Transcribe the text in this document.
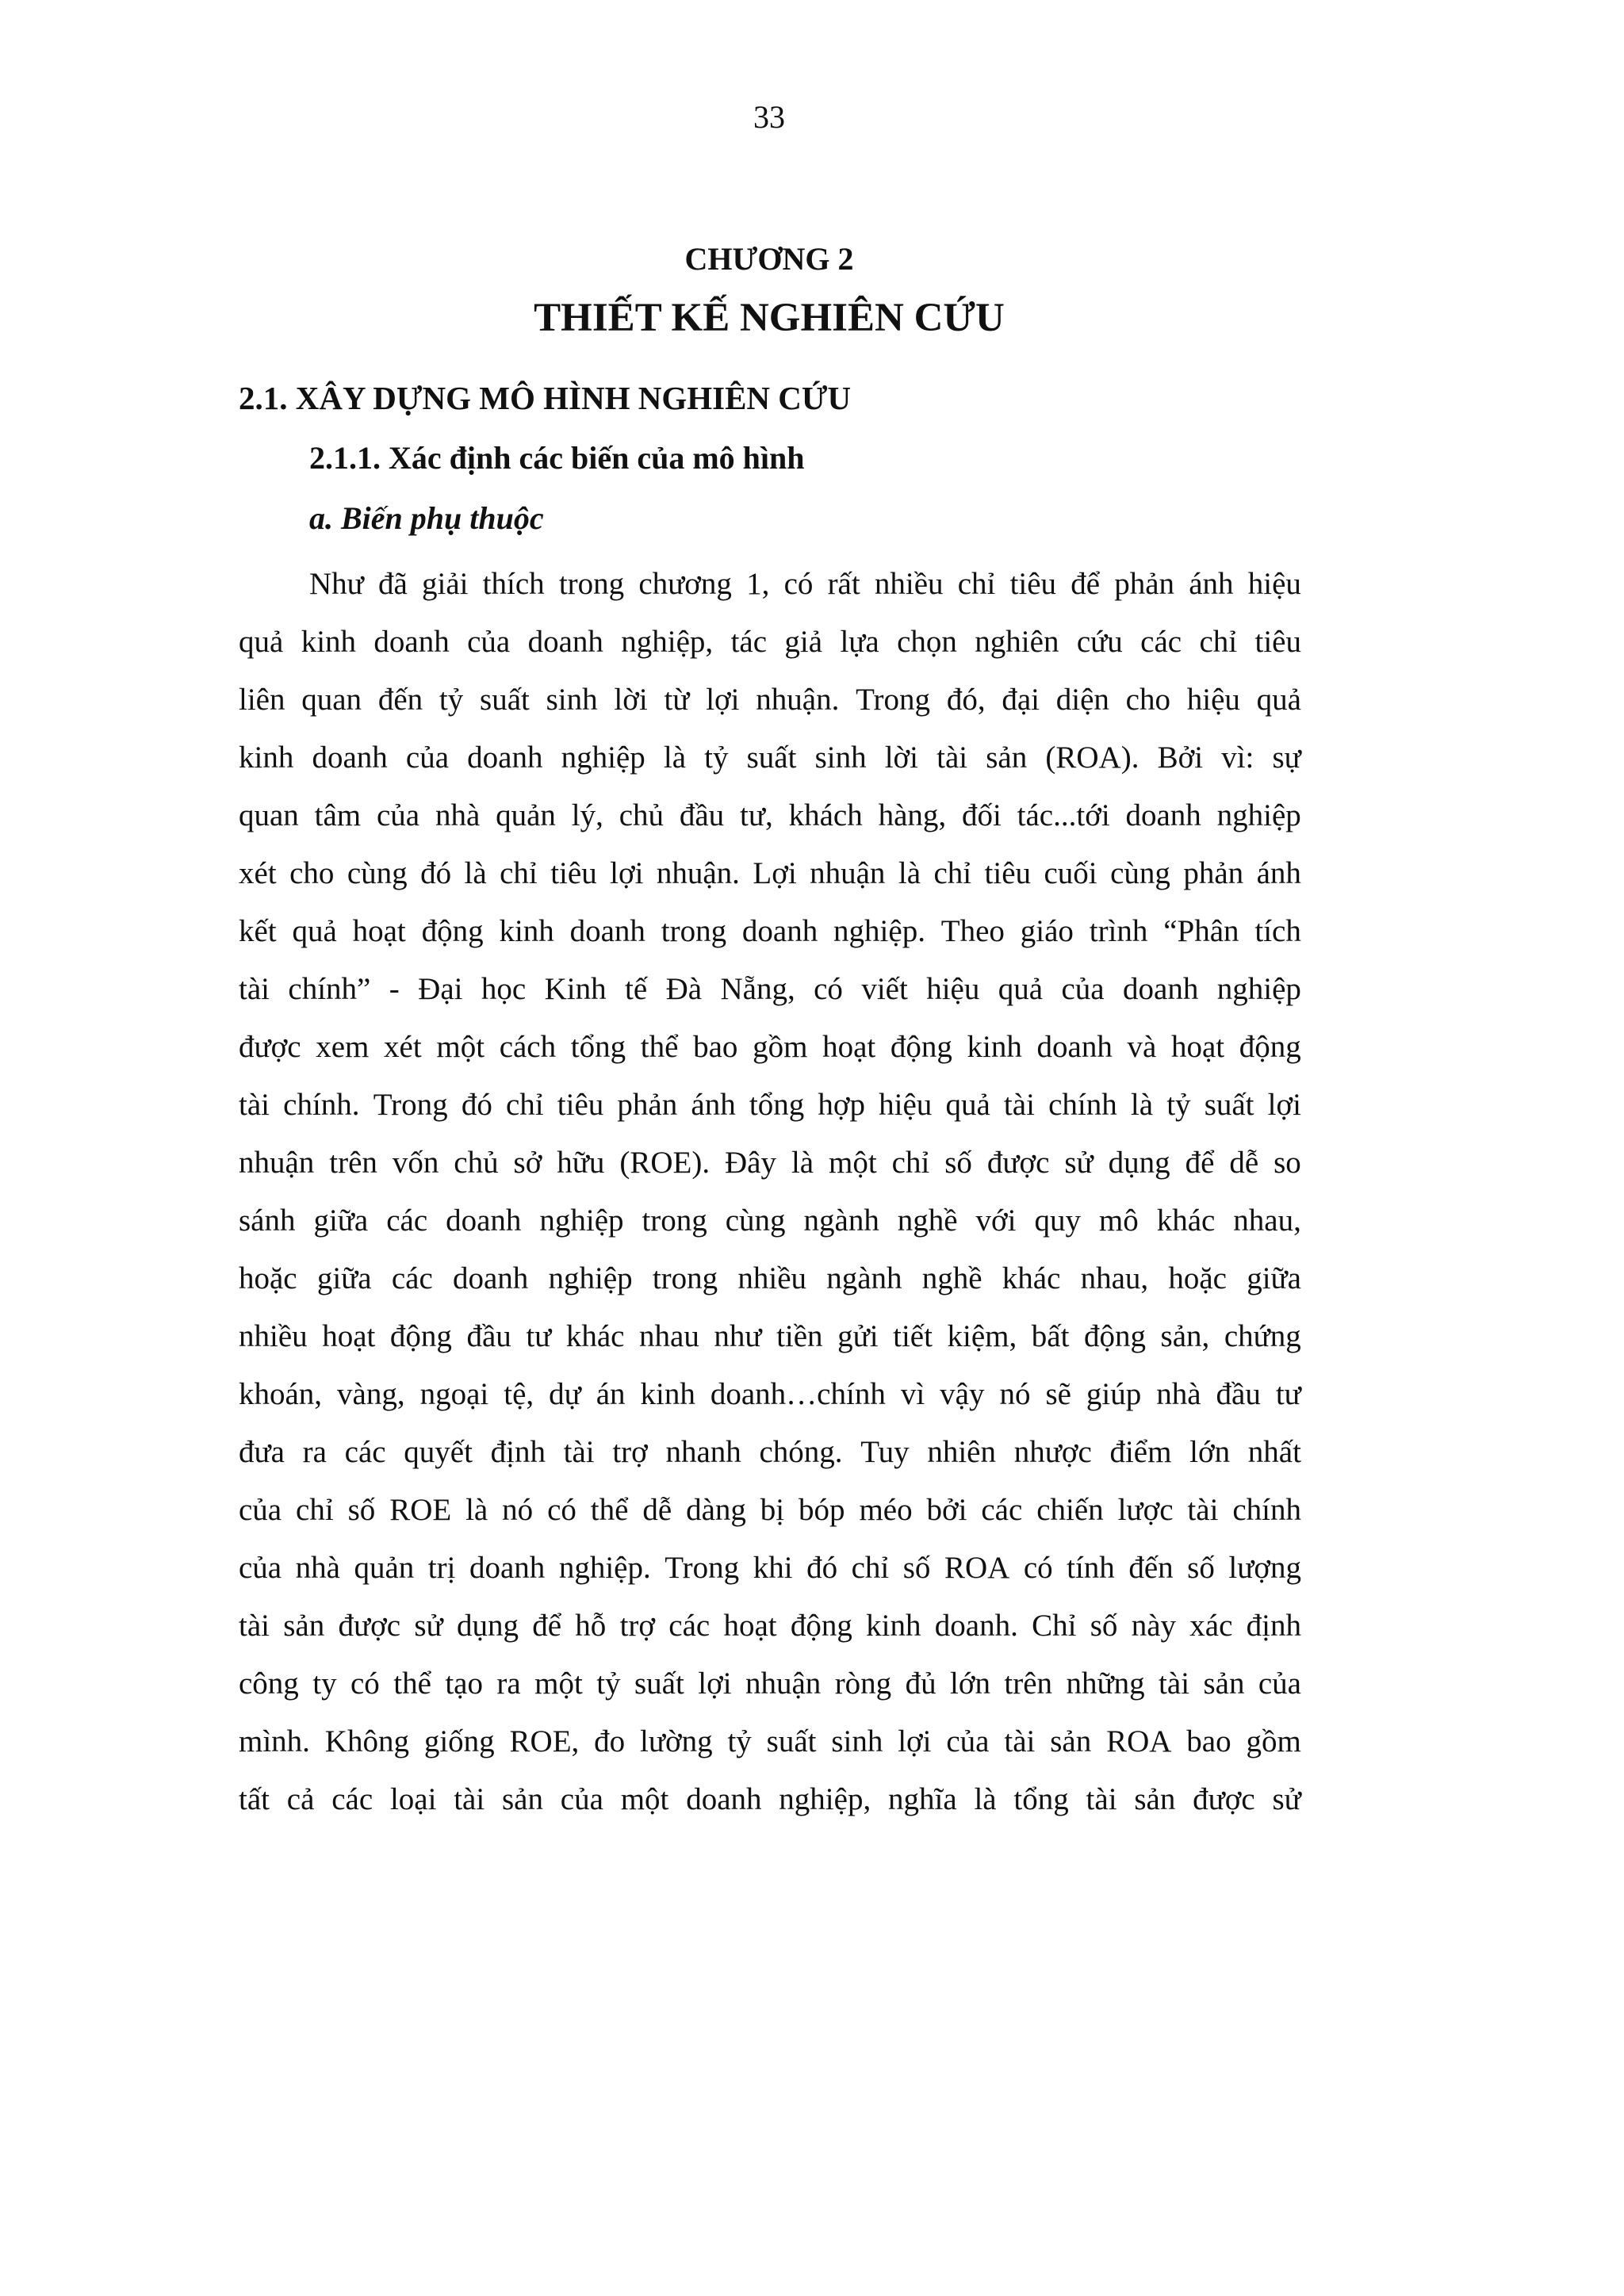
33
CHƯƠNG 2
THIẾT KẾ NGHIÊN CỨU
2.1. XÂY DỰNG MÔ HÌNH NGHIÊN CỨU
2.1.1. Xác định các biến của mô hình
a. Biến phụ thuộc
Như đã giải thích trong chương 1, có rất nhiều chỉ tiêu để phản ánh hiệu
quả kinh doanh của doanh nghiệp, tác giả lựa chọn nghiên cứu các chỉ tiêu
liên quan đến tỷ suất sinh lời từ lợi nhuận. Trong đó, đại diện cho hiệu quả
kinh doanh của doanh nghiệp là tỷ suất sinh lời tài sản (ROA). Bởi vì: sự
quan tâm của nhà quản lý, chủ đầu tư, khách hàng, đối tác...tới doanh nghiệp
xét cho cùng đó là chỉ tiêu lợi nhuận. Lợi nhuận là chỉ tiêu cuối cùng phản ánh
kết quả hoạt động kinh doanh trong doanh nghiệp. Theo giáo trình “Phân tích
tài chính” - Đại học Kinh tế Đà Nẵng, có viết hiệu quả của doanh nghiệp
được xem xét một cách tổng thể bao gồm hoạt động kinh doanh và hoạt động
tài chính. Trong đó chỉ tiêu phản ánh tổng hợp hiệu quả tài chính là tỷ suất lợi
nhuận trên vốn chủ sở hữu (ROE). Đây là một chỉ số được sử dụng để dễ so
sánh giữa các doanh nghiệp trong cùng ngành nghề với quy mô khác nhau,
hoặc giữa các doanh nghiệp trong nhiều ngành nghề khác nhau, hoặc giữa
nhiều hoạt động đầu tư khác nhau như tiền gửi tiết kiệm, bất động sản, chứng
khoán, vàng, ngoại tệ, dự án kinh doanh…chính vì vậy nó sẽ giúp nhà đầu tư
đưa ra các quyết định tài trợ nhanh chóng. Tuy nhiên nhược điểm lớn nhất
của chỉ số ROE là nó có thể dễ dàng bị bóp méo bởi các chiến lược tài chính
của nhà quản trị doanh nghiệp. Trong khi đó chỉ số ROA có tính đến số lượng
tài sản được sử dụng để hỗ trợ các hoạt động kinh doanh. Chỉ số này xác định
công ty có thể tạo ra một tỷ suất lợi nhuận ròng đủ lớn trên những tài sản của
mình. Không giống ROE, đo lường tỷ suất sinh lợi của tài sản ROA bao gồm
tất cả các loại tài sản của một doanh nghiệp, nghĩa là tổng tài sản được sử
